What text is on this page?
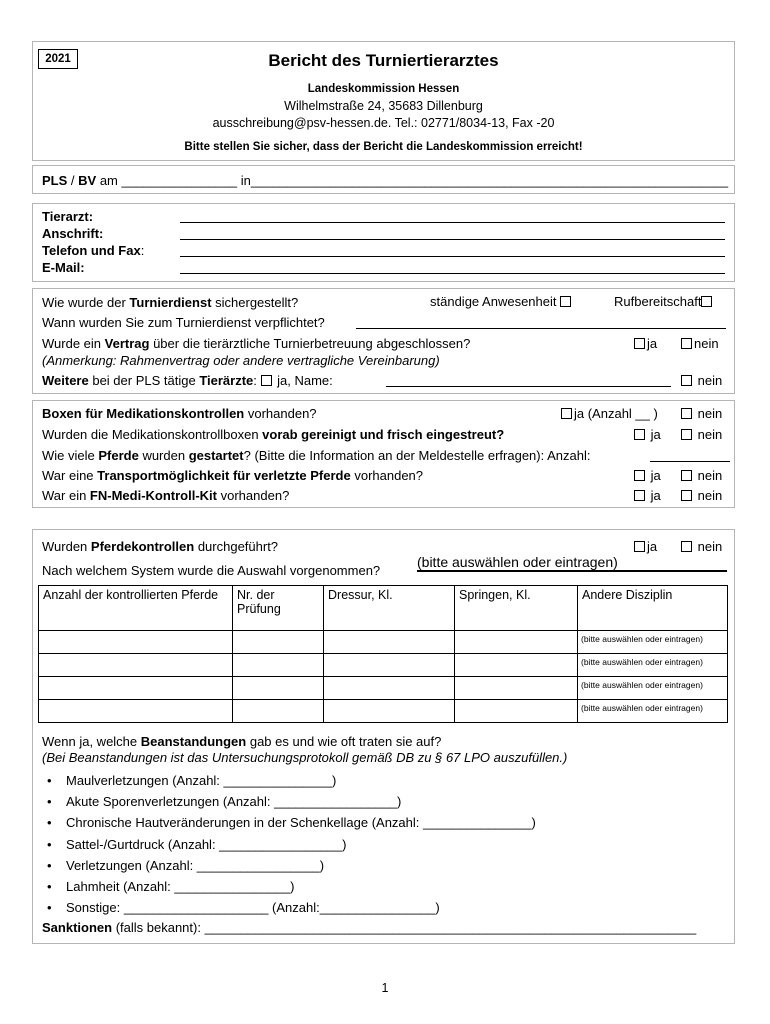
2021	Bericht des Turniertierarztes
Landeskommission Hessen
Wilhelmstraße 24, 35683 Dillenburg
ausschreibung@psv-hessen.de. Tel.: 02771/8034-13, Fax -20
Bitte stellen Sie sicher, dass der Bericht die Landeskommission erreicht!
PLS / BV am ________________ in__________________________________________________________________
Tierarzt:
Anschrift:
Telefon und Fax:
E-Mail:
Wie wurde der Turnierdienst sichergestellt?	ständige Anwesenheit	Rufbereitschaft
Wann wurden Sie zum Turnierdienst verpflichtet?
Wurde ein Vertrag über die tierärztliche Turnierbetreuung abgeschlossen?	ja	nein
(Anmerkung: Rahmenvertrag oder andere vertragliche Vereinbarung)
Weitere bei der PLS tätige Tierärzte:  ja, Name:	nein
Boxen für Medikationskontrollen vorhanden?	ja (Anzahl __ )	nein
Wurden die Medikationskontrollboxen vorab gereinigt und frisch eingestreut?	ja	nein
Wie viele Pferde wurden gestartet? (Bitte die Information an der Meldestelle erfragen): Anzahl:
War eine Transportmöglichkeit für verletzte Pferde vorhanden?	ja	nein
War ein FN-Medi-Kontroll-Kit vorhanden?	ja	nein
Wurden Pferdekontrollen durchgeführt?	ja	nein
Nach welchem System wurde die Auswahl vorgenommen?
(bitte auswählen oder eintragen)
Anzahl der kontrollierten Pferde	Nr. der Prüfung	Dressur, Kl.	Springen, Kl.	Andere Disziplin
				(bitte auswählen oder eintragen)
				(bitte auswählen oder eintragen)
				(bitte auswählen oder eintragen)
				(bitte auswählen oder eintragen)
Wenn ja, welche Beanstandungen gab es und wie oft traten sie auf?
(Bei Beanstandungen ist das Untersuchungsprotokoll gemäß DB zu § 67 LPO auszufüllen.)
• Maulverletzungen (Anzahl: _______________)
• Akute Sporenverletzungen (Anzahl: _________________)
• Chronische Hautveränderungen in der Schenkellage (Anzahl: _______________)
• Sattel-/Gurtdruck (Anzahl: _________________)
• Verletzungen (Anzahl: _________________)
• Lahmheit (Anzahl: ________________)
• Sonstige: ____________________ (Anzahl:________________)
Sanktionen (falls bekannt): ____________________________________________________________________
1
